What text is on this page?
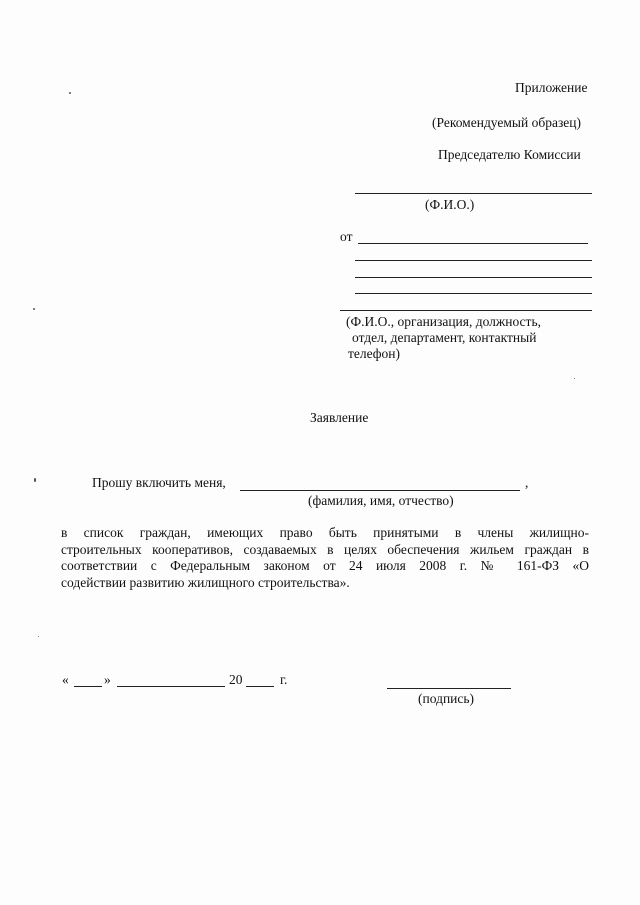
Приложение
(Рекомендуемый образец)
Председателю Комиссии
(Ф.И.О.)
от
(Ф.И.О., организация, должность,
отдел, департамент, контактный
телефон)
Заявление
Прошу включить меня,	,
(фамилия, имя, отчество)
в список граждан, имеющих право быть принятыми в члены жилищно-
строительных кооперативов, создаваемых в целях обеспечения жильем граждан в
соответствии с Федеральным законом от 24 июля 2008 г. № 161-ФЗ «О
содействии развитию жилищного строительства».
«	»	20	г.
(подпись)
